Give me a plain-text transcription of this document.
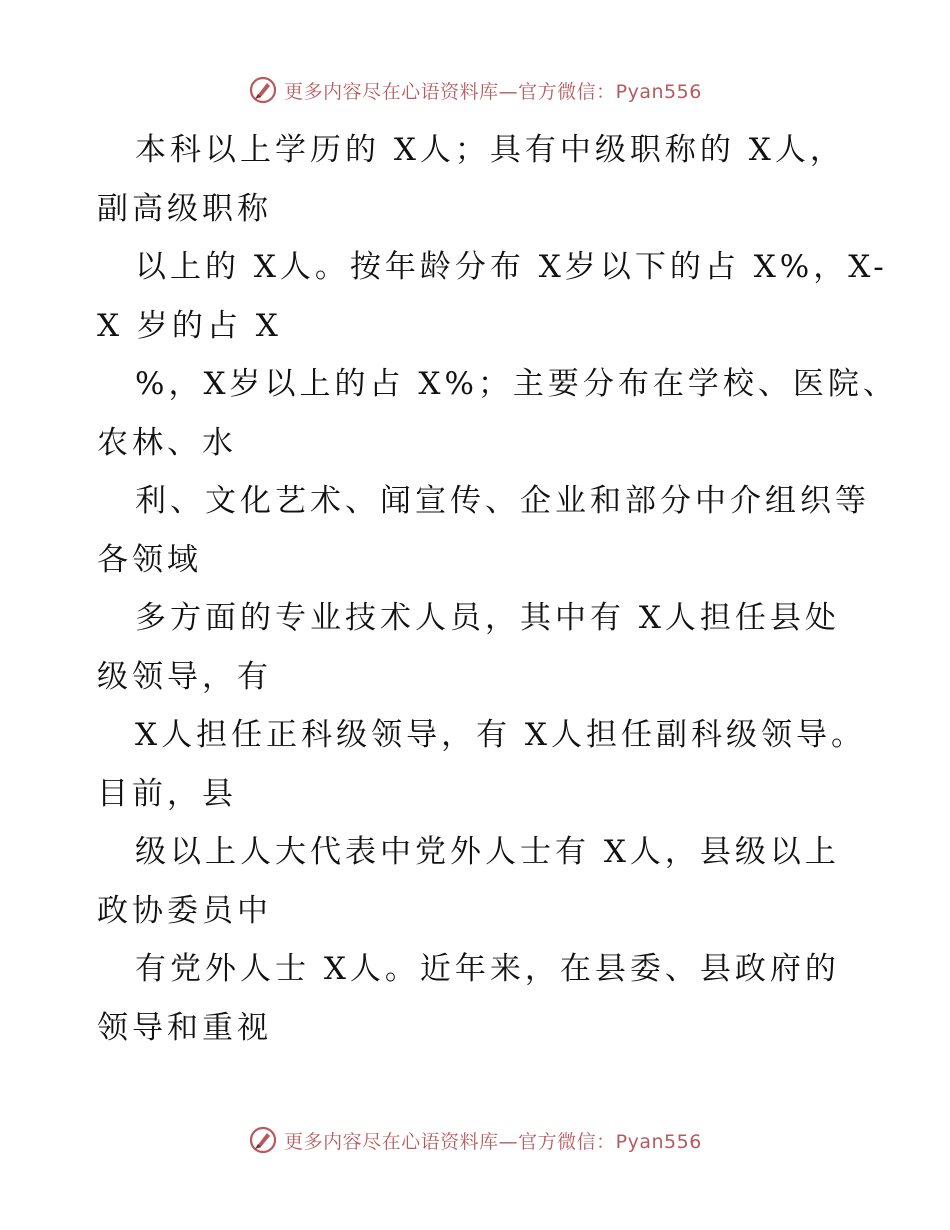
更多内容尽在心语资料库—官方微信：Pyan556
本科以上学历的 X人；具有中级职称的 X人，
副高级职称
以上的 X人。按年龄分布 X岁以下的占 X%，X-
X 岁的占 X
%，X岁以上的占 X%；主要分布在学校、医院、
农林、水
利、文化艺术、闻宣传、企业和部分中介组织等
各领域
多方面的专业技术人员，其中有 X人担任县处
级领导，有
X人担任正科级领导，有 X人担任副科级领导。
目前，县
级以上人大代表中党外人士有 X人，县级以上
政协委员中
有党外人士 X人。近年来，在县委、县政府的
领导和重视
更多内容尽在心语资料库—官方微信：Pyan556
